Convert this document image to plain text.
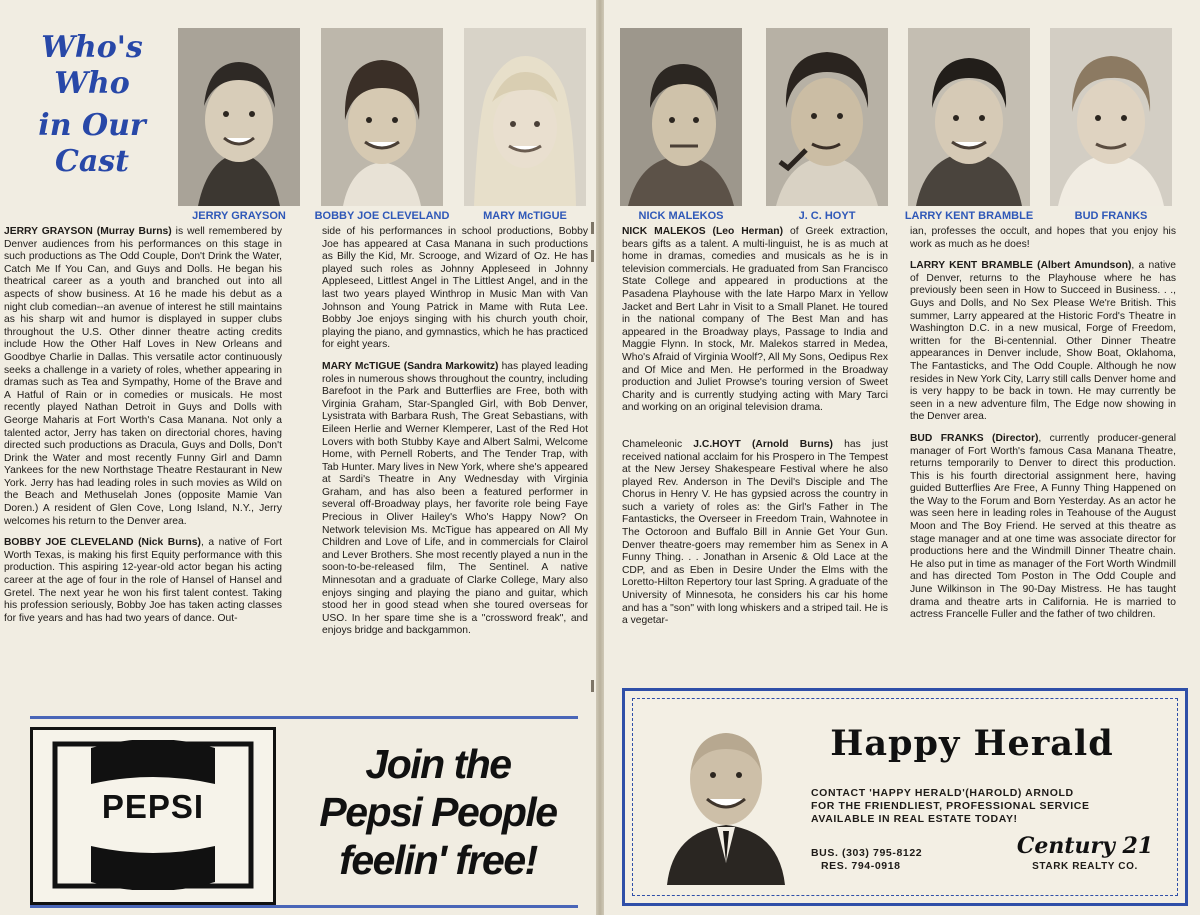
Who's
Who
in Our
Cast
JERRY GRAYSON	BOBBY JOE CLEVELAND	MARY McTIGUE

JERRY GRAYSON (Murray Burns) is well remembered by Denver audiences from his performances on this stage in such productions as The Odd Couple, Don't Drink the Water, Catch Me If You Can, and Guys and Dolls. He began his theatrical career as a youth and branched out into all aspects of show business. At 16 he made his debut as a night club comedian--an avenue of interest he still maintains as his sharp wit and humor is displayed in supper clubs throughout the U.S. Other dinner theatre acting credits include How the Other Half Loves in New Orleans and Goodbye Charlie in Dallas. This versatile actor continuously seeks a challenge in a variety of roles, whether appearing in dramas such as Tea and Sympathy, Home of the Brave and A Hatful of Rain or in comedies or musicals. He most recently played Nathan Detroit in Guys and Dolls with George Maharis at Fort Worth's Casa Manana. Not only a talented actor, Jerry has taken on directorial chores, having directed such productions as Dracula, Guys and Dolls, Don't Drink the Water and most recently Funny Girl and Damn Yankees for the new Northstage Theatre Restaurant in New York. Jerry has had leading roles in such movies as Wild on the Beach and Methuselah Jones (opposite Mamie Van Doren.) A resident of Glen Cove, Long Island, N.Y., Jerry welcomes his return to the Denver area.

BOBBY JOE CLEVELAND (Nick Burns), a native of Fort Worth Texas, is making his first Equity performance with this production. This aspiring 12-year-old actor began his acting career at the age of four in the role of Hansel of Hansel and Gretel. The next year he won his first talent contest. Taking his profession seriously, Bobby Joe has taken acting classes for five years and has had two years of dance. Out-

side of his performances in school productions, Bobby Joe has appeared at Casa Manana in such productions as Billy the Kid, Mr. Scrooge, and Wizard of Oz. He has played such roles as Johnny Appleseed in Johnny Appleseed, Littlest Angel in The Littlest Angel, and in the last two years played Winthrop in Music Man with Van Johnson and Young Patrick in Mame with Ruta Lee. Bobby Joe enjoys singing with his church youth choir, playing the piano, and gymnastics, which he has practiced for eight years.

MARY McTIGUE (Sandra Markowitz) has played leading roles in numerous shows throughout the country, including Barefoot in the Park and Butterflies are Free, both with Virginia Graham, Star-Spangled Girl, with Bob Denver, Lysistrata with Barbara Rush, The Great Sebastians, with Eileen Herlie and Werner Klemperer, Last of the Red Hot Lovers with both Stubby Kaye and Albert Salmi, Welcome Home, with Pernell Roberts, and The Tender Trap, with Tab Hunter. Mary lives in New York, where she's appeared at Sardi's Theatre in Any Wednesday with Virginia Graham, and has also been a featured performer in several off-Broadway plays, her favorite role being Faye Precious in Oliver Hailey's Who's Happy Now? On Network television Ms. McTigue has appeared on All My Children and Love of Life, and in commercials for Clairol and Lever Brothers. She most recently played a nun in the soon-to-be-released film, The Sentinel. A native Minnesotan and a graduate of Clarke College, Mary also enjoys singing and playing the piano and guitar, which stood her in good stead when she toured overseas for USO. In her spare time she is a "crossword freak", and enjoys bridge and backgammon.

PEPSI
Join the
Pepsi People
feelin' free!
NICK MALEKOS	J. C. HOYT	LARRY KENT BRAMBLE	BUD FRANKS

NICK MALEKOS (Leo Herman) of Greek extraction, bears gifts as a talent. A multi-linguist, he is as much at home in dramas, comedies and musicals as he is in television commercials. He graduated from San Francisco State College and appeared in productions at the Pasadena Playhouse with the late Harpo Marx in Yellow Jacket and Bert Lahr in Visit to a Small Planet. He toured in the national company of The Best Man and has appeared in the Broadway plays, Passage to India and Maggie Flynn. In stock, Mr. Malekos starred in Medea, Who's Afraid of Virginia Woolf?, All My Sons, Oedipus Rex and Of Mice and Men. He performed in the Broadway production and Juliet Prowse's touring version of Sweet Charity and is currently studying acting with Mary Tarci and working on an original television drama.

Chameleonic J.C.HOYT (Arnold Burns) has just received national acclaim for his Prospero in The Tempest at the New Jersey Shakespeare Festival where he also played Rev. Anderson in The Devil's Disciple and The Chorus in Henry V. He has gypsied across the country in such a variety of roles as: the Girl's Father in The Fantasticks, the Overseer in Freedom Train, Wahnotee in The Octoroon and Buffalo Bill in Annie Get Your Gun. Denver theatre-goers may remember him as Senex in A Funny Thing. . . Jonathan in Arsenic & Old Lace at the CDP, and as Eben in Desire Under the Elms with the Loretto-Hilton Repertory tour last Spring. A graduate of the University of Minnesota, he considers his car his home and has a "son" with long whiskers and a striped tail. He is a vegetar-

ian, professes the occult, and hopes that you enjoy his work as much as he does!

LARRY KENT BRAMBLE (Albert Amundson), a native of Denver, returns to the Playhouse where he has previously been seen in How to Succeed in Business. . ., Guys and Dolls, and No Sex Please We're British. This summer, Larry appeared at the Historic Ford's Theatre in Washington D.C. in a new musical, Forge of Freedom, written for the Bi-centennial. Other Dinner Theatre appearances in Denver include, Show Boat, Oklahoma, The Fantasticks, and The Odd Couple. Although he now resides in New York City, Larry still calls Denver home and is very happy to be back in town. He may currently be seen in a new adventure film, The Edge now showing in the Denver area.

BUD FRANKS (Director), currently producer-general manager of Fort Worth's famous Casa Manana Theatre, returns temporarily to Denver to direct this production. This is his fourth directorial assignment here, having guided Butterflies Are Free, A Funny Thing Happened on the Way to the Forum and Born Yesterday. As an actor he was seen here in leading roles in Teahouse of the August Moon and The Boy Friend. He served at this theatre as stage manager and at one time was associate director for productions here and the Windmill Dinner Theatre chain. He also put in time as manager of the Fort Worth Windmill and has directed Tom Poston in The Odd Couple and June Wilkinson in The 90-Day Mistress. He has taught drama and theatre arts in California. He is married to actress Francelle Fuller and the father of two children.

Happy Herald
CONTACT 'HAPPY HERALD'(HAROLD) ARNOLD
FOR THE FRIENDLIEST, PROFESSIONAL SERVICE
AVAILABLE IN REAL ESTATE TODAY!
BUS. (303) 795-8122
RES. 794-0918
Century 21
STARK REALTY CO.
